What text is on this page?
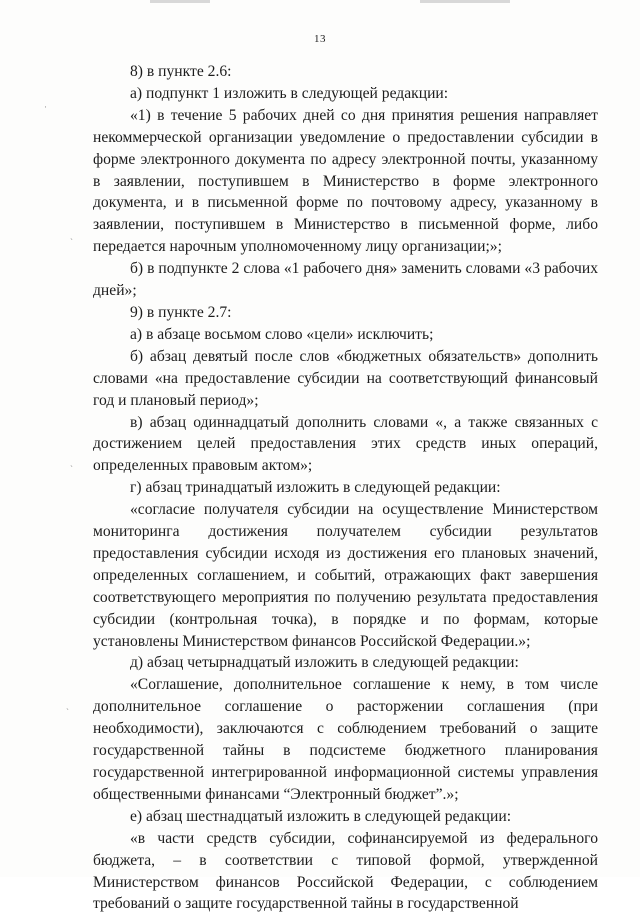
13
·
ˎ
ˎ
ˎ

8) в пункте 2.6:

а) подпункт 1 изложить в следующей редакции:

«1) в течение 5 рабочих дней со дня принятия решения направляет некоммерческой организации уведомление о предоставлении субсидии в форме электронного документа по адресу электронной почты, указанному в заявлении, поступившем в Министерство в форме электронного документа, и в письменной форме по почтовому адресу, указанному в заявлении, поступившем в Министерство в письменной форме, либо передается нарочным уполномоченному лицу организации;»;

б) в подпункте 2 слова «1 рабочего дня» заменить словами «3 рабочих дней»;

9) в пункте 2.7:

а) в абзаце восьмом слово «цели» исключить;

б) абзац девятый после слов «бюджетных обязательств» дополнить словами «на предоставление субсидии на соответствующий финансовый год и плановый период»;

в) абзац одиннадцатый дополнить словами «, а также связанных с достижением целей предоставления этих средств иных операций, определенных правовым актом»;

г) абзац тринадцатый изложить в следующей редакции:

«согласие получателя субсидии на осуществление Министерством мониторинга достижения получателем субсидии результатов предоставления субсидии исходя из достижения его плановых значений, определенных соглашением, и событий, отражающих факт завершения соответствующего мероприятия по получению результата предоставления субсидии (контрольная точка), в порядке и по формам, которые установлены Министерством финансов Российской Федерации.»;

д) абзац четырнадцатый изложить в следующей редакции:

«Соглашение, дополнительное соглашение к нему, в том числе дополнительное соглашение о расторжении соглашения (при необходимости), заключаются с соблюдением требований о защите государственной тайны в подсистеме бюджетного планирования государственной интегрированной информационной системы управления общественными финансами “Электронный бюджет”.»;

е) абзац шестнадцатый изложить в следующей редакции:

«в части средств субсидии, софинансируемой из федерального бюджета, – в соответствии с типовой формой, утвержденной Министерством финансов Российской Федерации, с соблюдением требований о защите государственной тайны в государственной
